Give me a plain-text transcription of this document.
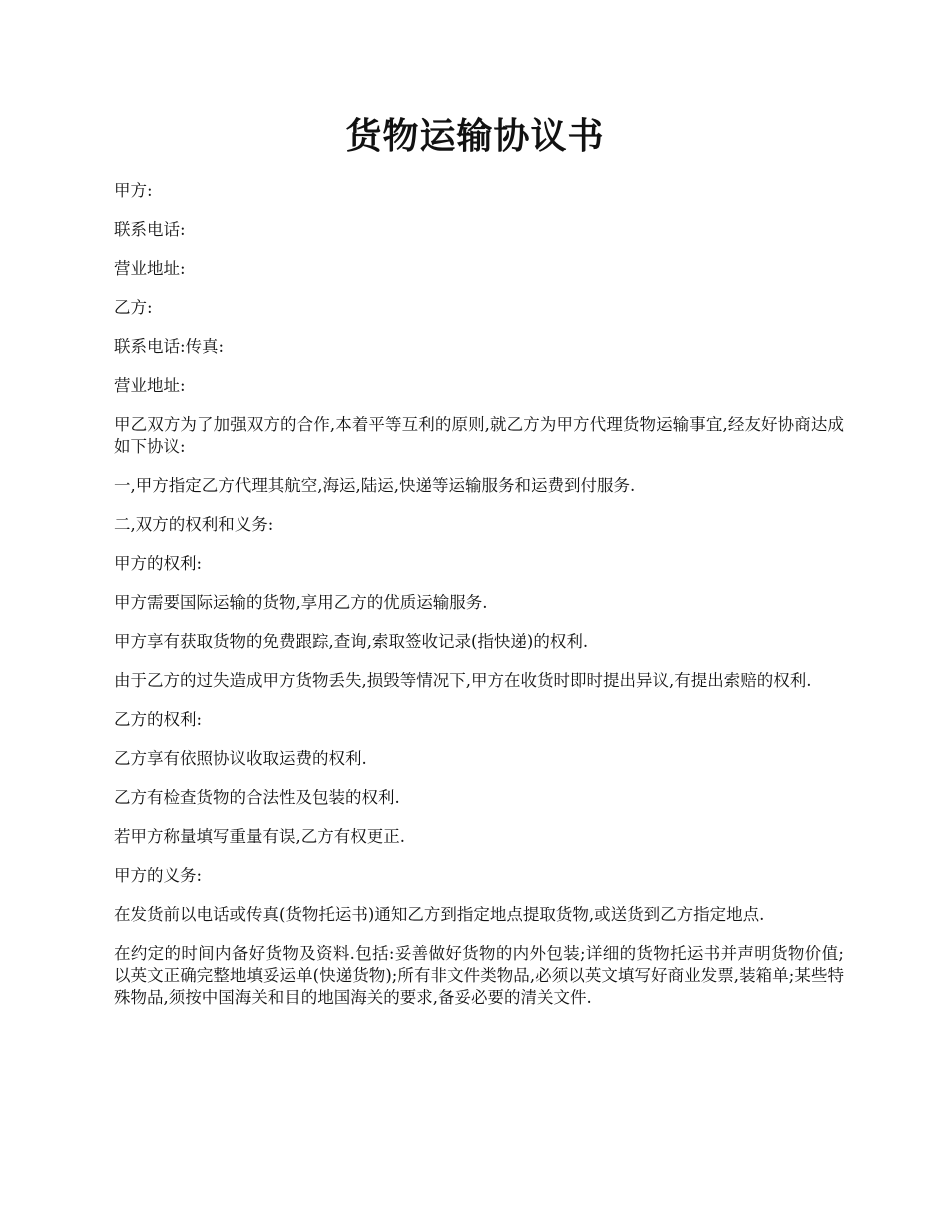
货物运输协议书

甲方:

联系电话:

营业地址:

乙方:

联系电话:传真:

营业地址:

甲乙双方为了加强双方的合作,本着平等互利的原则,就乙方为甲方代理货物运输事宜,经友好协商达成如下协议:

一,甲方指定乙方代理其航空,海运,陆运,快递等运输服务和运费到付服务.

二,双方的权利和义务:

甲方的权利:

甲方需要国际运输的货物,享用乙方的优质运输服务.

甲方享有获取货物的免费跟踪,查询,索取签收记录(指快递)的权利.

由于乙方的过失造成甲方货物丢失,损毁等情况下,甲方在收货时即时提出异议,有提出索赔的权利.

乙方的权利:

乙方享有依照协议收取运费的权利.

乙方有检查货物的合法性及包装的权利.

若甲方称量填写重量有误,乙方有权更正.

甲方的义务:

在发货前以电话或传真(货物托运书)通知乙方到指定地点提取货物,或送货到乙方指定地点.

在约定的时间内备好货物及资料.包括:妥善做好货物的内外包装;详细的货物托运书并声明货物价值;以英文正确完整地填妥运单(快递货物);所有非文件类物品,必须以英文填写好商业发票,装箱单;某些特殊物品,须按中国海关和目的地国海关的要求,备妥必要的清关文件.
